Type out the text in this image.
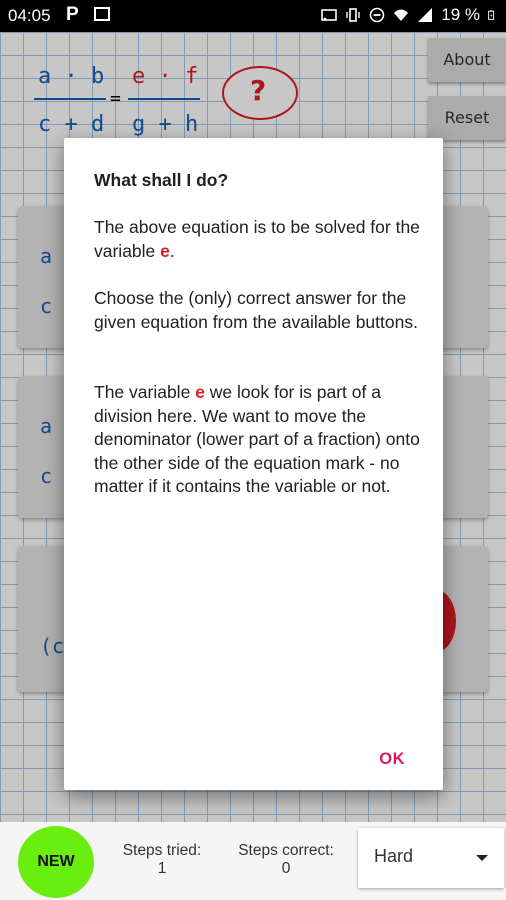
04:05 P	19 %
a · b
c + d
=
e · f
g + h
?
About
Reset
a
c
a
c
(c
What shall I do?
The above equation is to be solved for the variable e.
Choose the (only) correct answer for the given equation from the available buttons.
The variable e we look for is part of a division here. We want to move the denominator (lower part of a fraction) onto the other side of the equation mark - no matter if it contains the variable or not.
OK
NEW
Steps tried:
1
Steps correct:
0
Hard
